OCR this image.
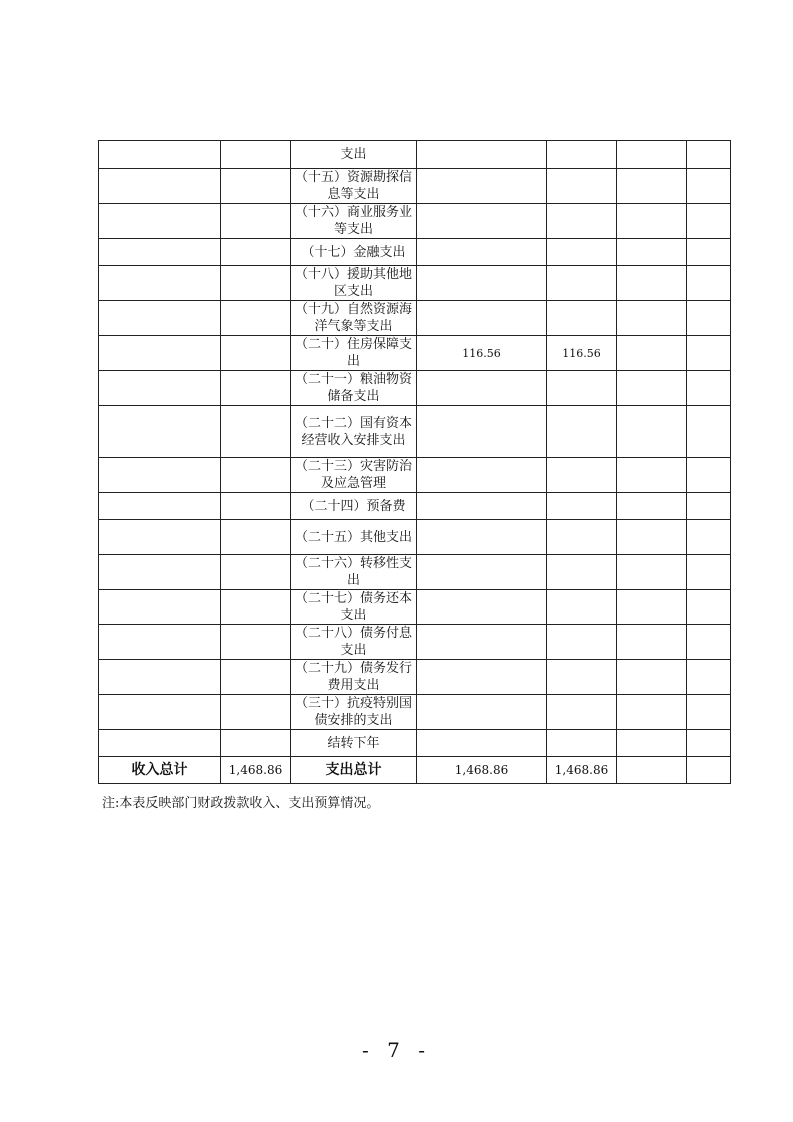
		支出				
		（十五）资源勘探信息等支出				
		（十六）商业服务业等支出				
		（十七）金融支出				
		（十八）援助其他地区支出				
		（十九）自然资源海洋气象等支出				
		（二十）住房保障支出	116.56	116.56		
		（二十一）粮油物资储备支出				
		（二十二）国有资本经营收入安排支出				
		（二十三）灾害防治及应急管理				
		（二十四）预备费				
		（二十五）其他支出				
		（二十六）转移性支出				
		（二十七）债务还本支出				
		（二十八）债务付息支出				
		（二十九）债务发行费用支出				
		（三十）抗疫特别国债安排的支出				
		结转下年				
收入总计	1,468.86	支出总计	1,468.86	1,468.86		
注:本表反映部门财政拨款收入、支出预算情况。
- 7 -
